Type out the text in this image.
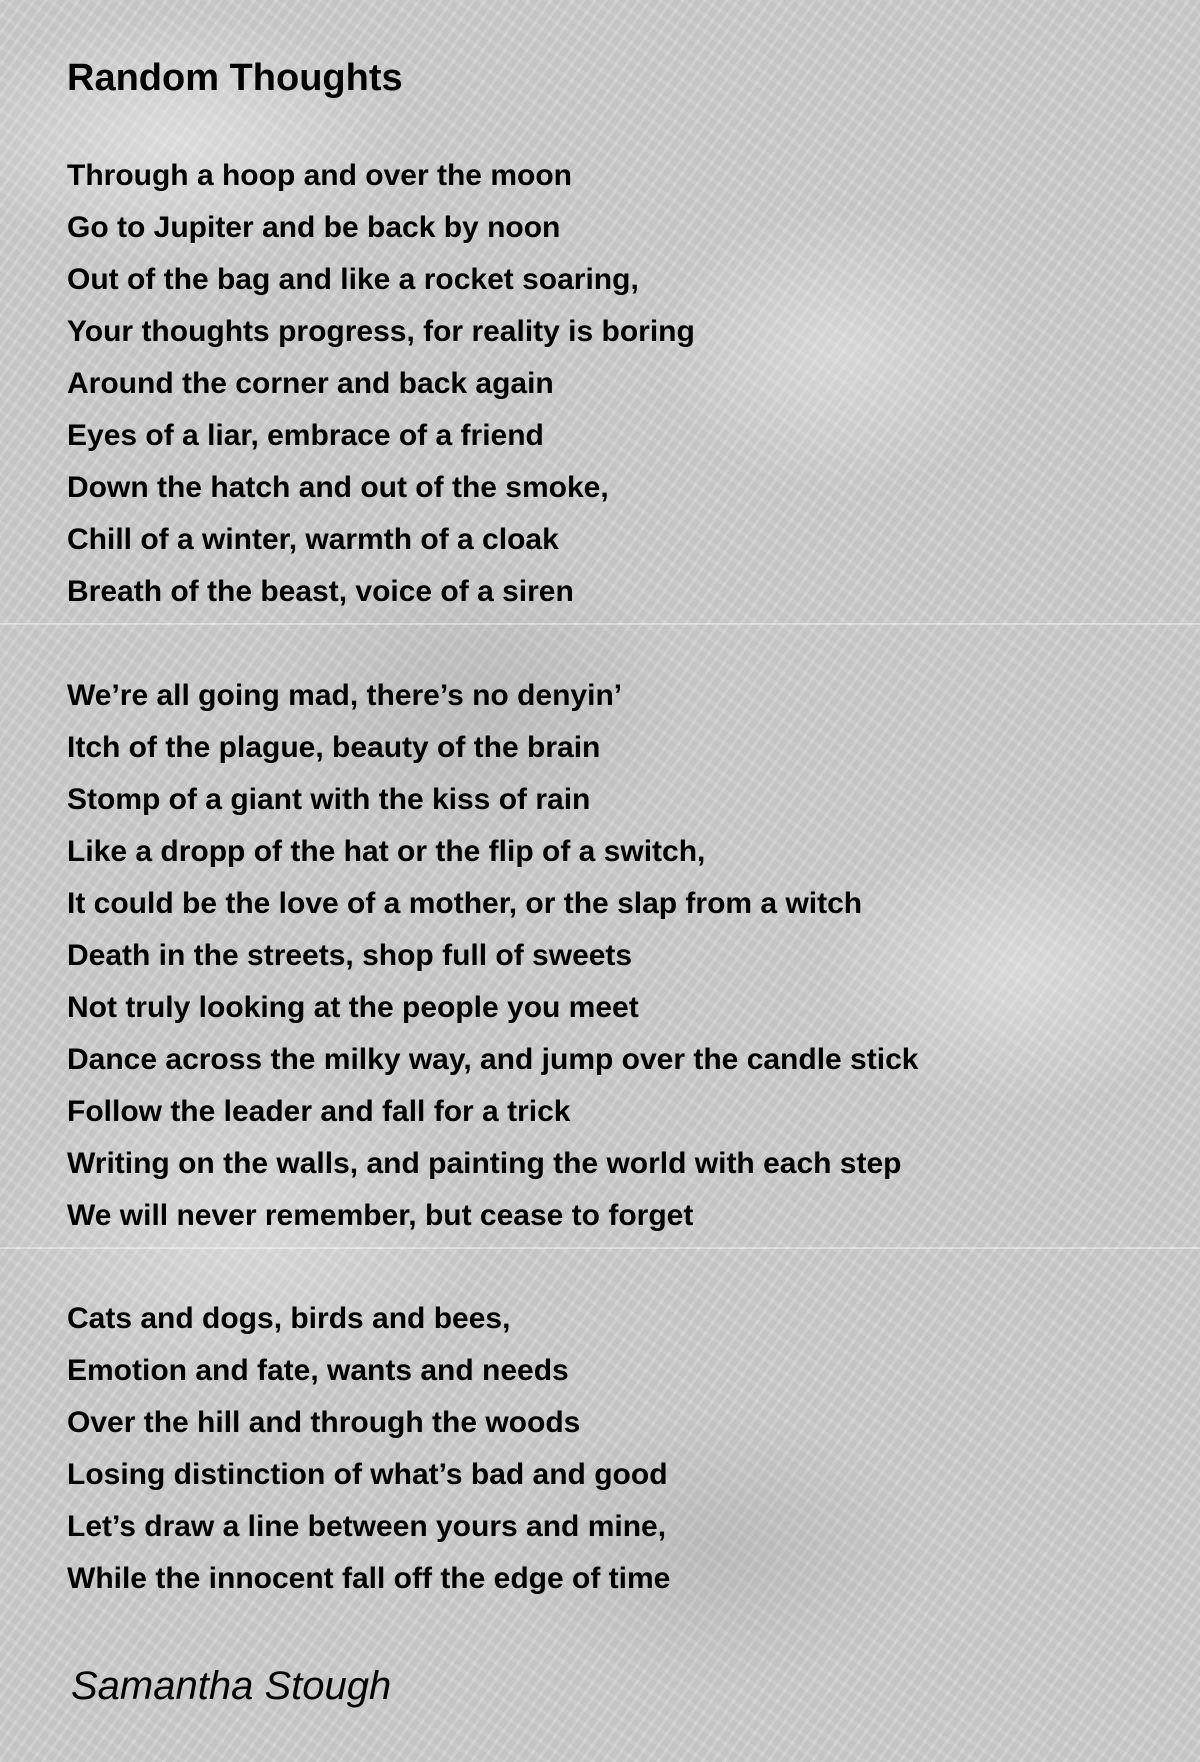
Random Thoughts
Through a hoop and over the moon
Go to Jupiter and be back by noon
Out of the bag and like a rocket soaring,
Your thoughts progress, for reality is boring
Around the corner and back again
Eyes of a liar, embrace of a friend
Down the hatch and out of the smoke,
Chill of a winter, warmth of a cloak
Breath of the beast, voice of a siren
We’re all going mad, there’s no denyin’
Itch of the plague, beauty of the brain
Stomp of a giant with the kiss of rain
Like a dropp of the hat or the flip of a switch,
It could be the love of a mother, or the slap from a witch
Death in the streets, shop full of sweets
Not truly looking at the people you meet
Dance across the milky way, and jump over the candle stick
Follow the leader and fall for a trick
Writing on the walls, and painting the world with each step
We will never remember, but cease to forget
Cats and dogs, birds and bees,
Emotion and fate, wants and needs
Over the hill and through the woods
Losing distinction of what’s bad and good
Let’s draw a line between yours and mine,
While the innocent fall off the edge of time

Samantha Stough
